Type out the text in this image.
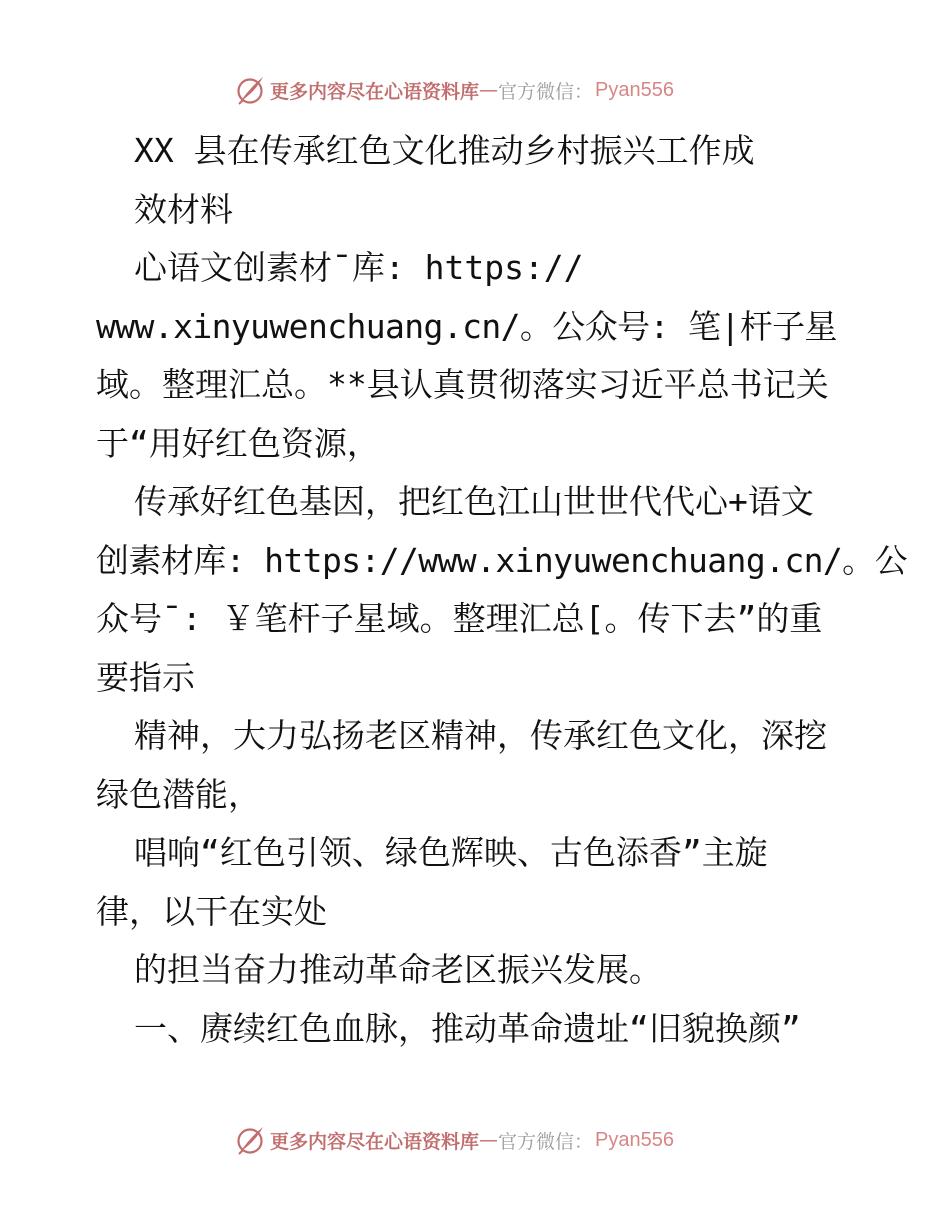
更多内容尽在心语资料库 — 官方微信： Pyan556
XX 县在传承红色文化推动乡村振兴工作成
效材料
心语文创素材¯库: https://
www.xinyuwenchuang.cn/。公众号: 笔|杆子星
域。整理汇总。**县认真贯彻落实习近平总书记关
于“用好红色资源，
传承好红色基因，把红色江山世世代代心+语文
创素材库: https://www.xinyuwenchuang.cn/。公
众号¯: ￥笔杆子星域。整理汇总[。传下去”的重
要指示
精神，大力弘扬老区精神，传承红色文化，深挖
绿色潜能，
唱响“红色引领、绿色辉映、古色添香”主旋
律，以干在实处
的担当奋力推动革命老区振兴发展。
一、赓续红色血脉，推动革命遗址“旧貌换颜”
更多内容尽在心语资料库 — 官方微信： Pyan556
